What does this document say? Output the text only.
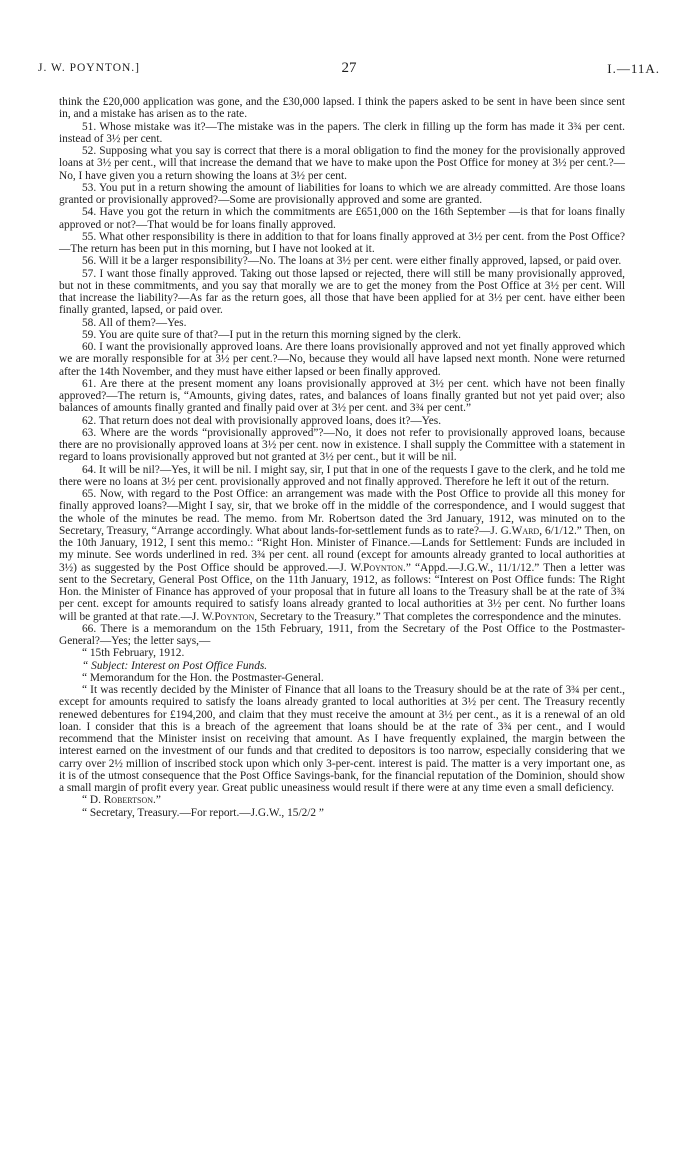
J. W. POYNTON.]	27	I.—11A.

think the £20,000 application was gone, and the £30,000 lapsed. I think the papers asked to be sent in have been since sent in, and a mistake has arisen as to the rate.

51. Whose mistake was it?—The mistake was in the papers. The clerk in filling up the form has made it 3¾ per cent. instead of 3½ per cent.

52. Supposing what you say is correct that there is a moral obligation to find the money for the provisionally approved loans at 3½ per cent., will that increase the demand that we have to make upon the Post Office for money at 3½ per cent.?—No, I have given you a return showing the loans at 3½ per cent.

53. You put in a return showing the amount of liabilities for loans to which we are already committed. Are those loans granted or provisionally approved?—Some are provisionally approved and some are granted.

54. Have you got the return in which the commitments are £651,000 on the 16th September —is that for loans finally approved or not?—That would be for loans finally approved.

55. What other responsibility is there in addition to that for loans finally approved at 3½ per cent. from the Post Office?—The return has been put in this morning, but I have not looked at it.

56. Will it be a larger responsibility?—No. The loans at 3½ per cent. were either finally approved, lapsed, or paid over.

57. I want those finally approved. Taking out those lapsed or rejected, there will still be many provisionally approved, but not in these commitments, and you say that morally we are to get the money from the Post Office at 3½ per cent. Will that increase the liability?—As far as the return goes, all those that have been applied for at 3½ per cent. have either been finally granted, lapsed, or paid over.

58. All of them?—Yes.

59. You are quite sure of that?—I put in the return this morning signed by the clerk.

60. I want the provisionally approved loans. Are there loans provisionally approved and not yet finally approved which we are morally responsible for at 3½ per cent.?—No, because they would all have lapsed next month. None were returned after the 14th November, and they must have either lapsed or been finally approved.

61. Are there at the present moment any loans provisionally approved at 3½ per cent. which have not been finally approved?—The return is, “Amounts, giving dates, rates, and balances of loans finally granted but not yet paid over; also balances of amounts finally granted and finally paid over at 3½ per cent. and 3¾ per cent.”

62. That return does not deal with provisionally approved loans, does it?—Yes.

63. Where are the words “provisionally approved”?—No, it does not refer to provisionally approved loans, because there are no provisionally approved loans at 3½ per cent. now in existence. I shall supply the Committee with a statement in regard to loans provisionally approved but not granted at 3½ per cent., but it will be nil.

64. It will be nil?—Yes, it will be nil. I might say, sir, I put that in one of the requests I gave to the clerk, and he told me there were no loans at 3½ per cent. provisionally approved and not finally approved. Therefore he left it out of the return.

65. Now, with regard to the Post Office: an arrangement was made with the Post Office to provide all this money for finally approved loans?—Might I say, sir, that we broke off in the middle of the correspondence, and I would suggest that the whole of the minutes be read. The memo. from Mr. Robertson dated the 3rd January, 1912, was minuted on to the Secretary, Treasury, “Arrange accordingly. What about lands-for-settlement funds as to rate?—J. G.Ward, 6/1/12.” Then, on the 10th January, 1912, I sent this memo.: “Right Hon. Minister of Finance.—Lands for Settlement: Funds are included in my minute. See words underlined in red. 3¾ per cent. all round (except for amounts already granted to local authorities at 3½) as suggested by the Post Office should be approved.—J. W.Poynton.” “Appd.—J.G.W., 11/1/12.” Then a letter was sent to the Secretary, General Post Office, on the 11th January, 1912, as follows: “Interest on Post Office funds: The Right Hon. the Minister of Finance has approved of your proposal that in future all loans to the Treasury shall be at the rate of 3¾ per cent. except for amounts required to satisfy loans already granted to local authorities at 3½ per cent. No further loans will be granted at that rate.—J. W.Poynton, Secretary to the Treasury.” That completes the correspondence and the minutes.

66. There is a memorandum on the 15th February, 1911, from the Secretary of the Post Office to the Postmaster-General?—Yes; the letter says,—

“ 15th February, 1912.

“ Subject: Interest on Post Office Funds.

“ Memorandum for the Hon. the Postmaster-General.

“ It was recently decided by the Minister of Finance that all loans to the Treasury should be at the rate of 3¾ per cent., except for amounts required to satisfy the loans already granted to local authorities at 3½ per cent. The Treasury recently renewed debentures for £194,200, and claim that they must receive the amount at 3½ per cent., as it is a renewal of an old loan. I consider that this is a breach of the agreement that loans should be at the rate of 3¾ per cent., and I would recommend that the Minister insist on receiving that amount. As I have frequently explained, the margin between the interest earned on the investment of our funds and that credited to depositors is too narrow, especially considering that we carry over 2½ million of inscribed stock upon which only 3-per-cent. interest is paid. The matter is a very important one, as it is of the utmost consequence that the Post Office Savings-bank, for the financial reputation of the Dominion, should show a small margin of profit every year. Great public uneasiness would result if there were at any time even a small deficiency.

“ D. Robertson.”

“ Secretary, Treasury.—For report.—J.G.W., 15/2/2 ”
